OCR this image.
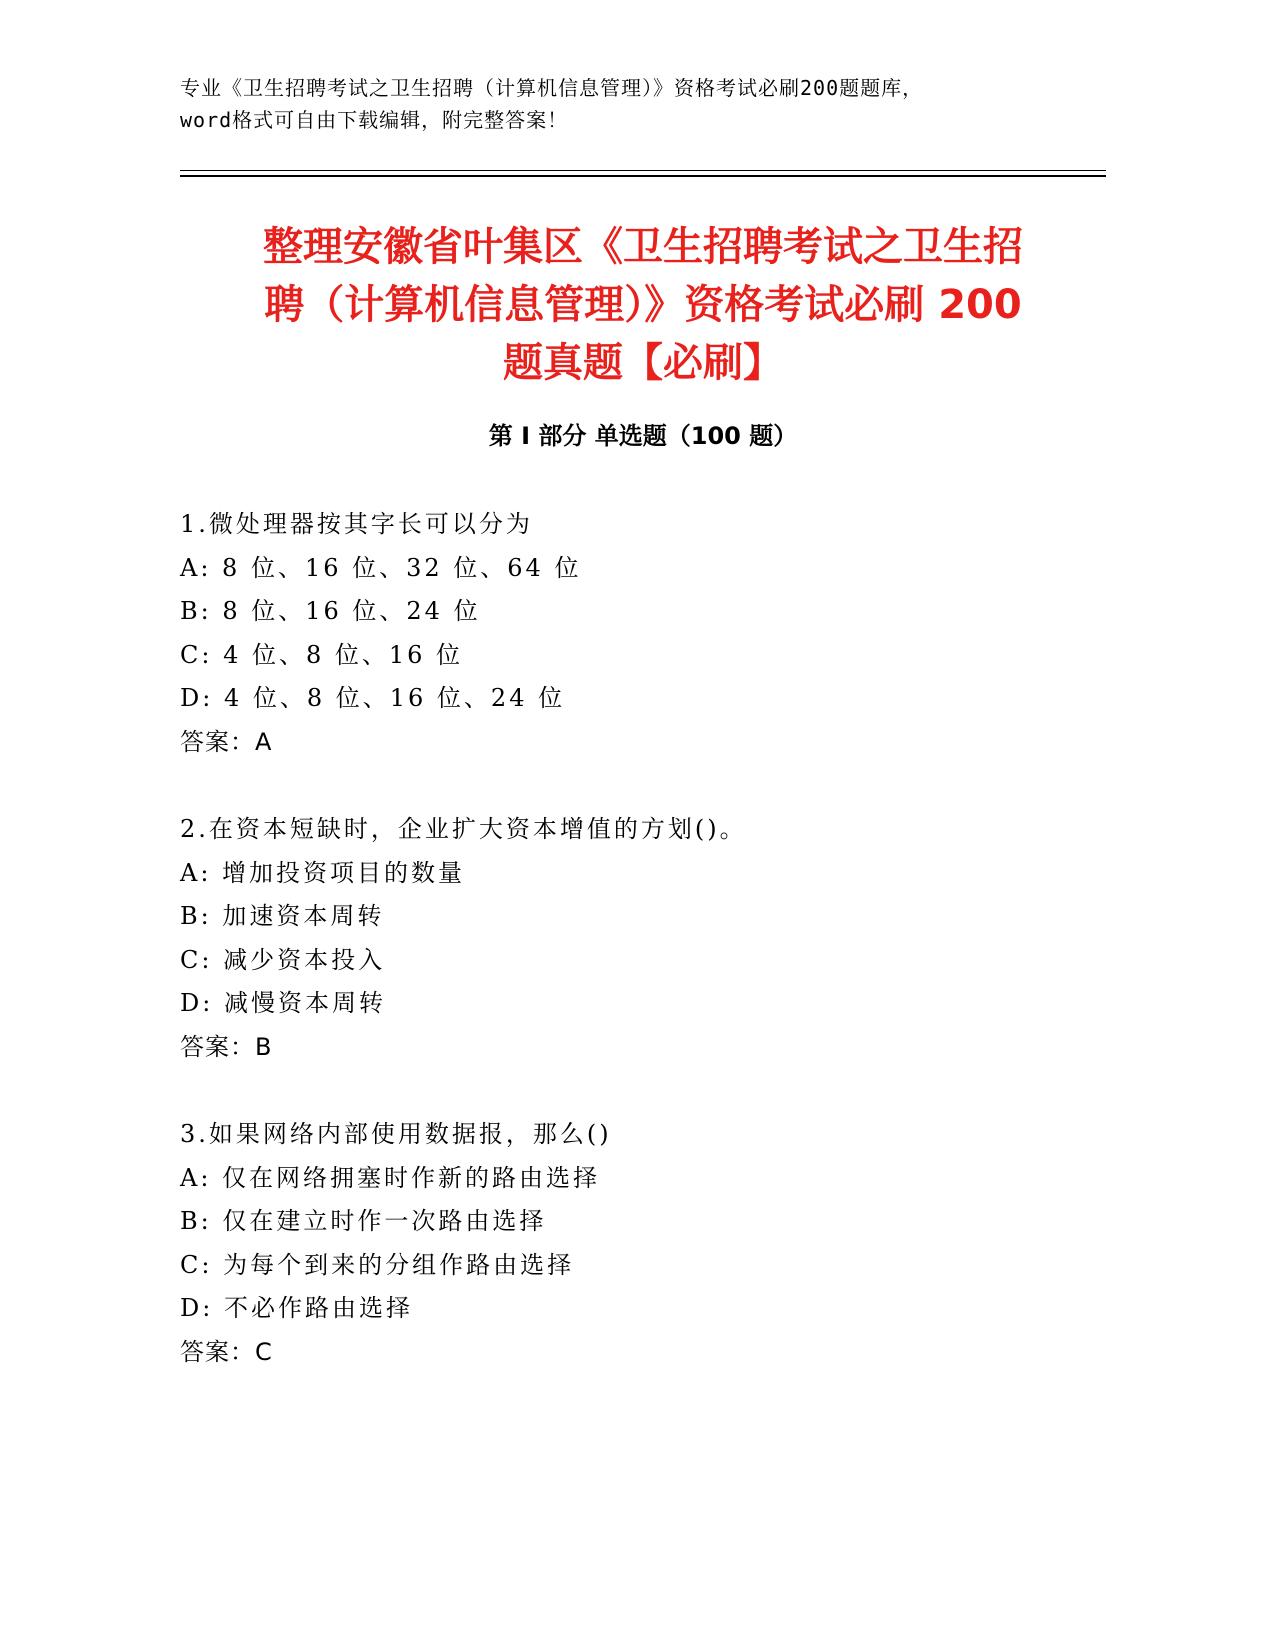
专业《卫生招聘考试之卫生招聘（计算机信息管理）》资格考试必刷200题题库，
word格式可自由下载编辑，附完整答案！
整理安徽省叶集区《卫生招聘考试之卫生招
聘（计算机信息管理）》资格考试必刷 200
题真题【必刷】
第 I 部分 单选题（100 题）
1.微处理器按其字长可以分为
A: 8 位、16 位、32 位、64 位
B: 8 位、16 位、24 位
C: 4 位、8 位、16 位
D: 4 位、8 位、16 位、24 位
答案：A
2.在资本短缺时，企业扩大资本增值的方划()。
A: 增加投资项目的数量
B: 加速资本周转
C: 减少资本投入
D: 减慢资本周转
答案：B
3.如果网络内部使用数据报，那么()
A: 仅在网络拥塞时作新的路由选择
B: 仅在建立时作一次路由选择
C: 为每个到来的分组作路由选择
D: 不必作路由选择
答案：C
